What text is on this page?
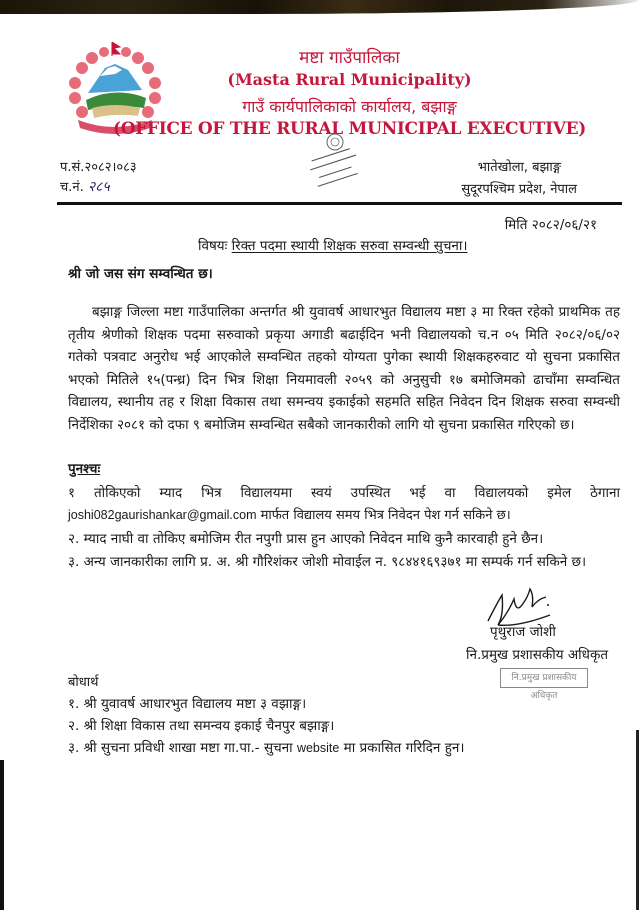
मष्टा गाउँपालिका
(Masta Rural Municipality)
गाउँ कार्यपालिकाको कार्यालय, बझाङ्ग
(OFFICE OF THE RURAL MUNICIPAL EXECUTIVE)
प.सं.२०८२।०८३
च.नं. २८५
भातेखोला, बझाङ्ग
सुदूरपश्चिम प्रदेश, नेपाल
मिति २०८२/०६/२१
विषयः रिक्त पदमा स्थायी शिक्षक सरुवा सम्वन्धी सुचना।
श्री जो जस संग सम्वन्धित छ।
बझाङ्ग जिल्ला मष्टा गाउँपालिका अन्तर्गत श्री युवावर्ष आधारभुत विद्यालय मष्टा ३ मा रिक्त रहेको प्राथमिक तह तृतीय श्रेणीको शिक्षक पदमा सरुवाको प्रकृया अगाडी बढाईदिन भनी विद्यालयको च.न ०५ मिति २०८२/०६/०२ गतेको पत्रवाट अनुरोध भई आएकोले सम्वन्धित तहको योग्यता पुगेका स्थायी शिक्षकहरुवाट यो सुचना प्रकासित भएको मितिले १५(पन्ध्र) दिन भित्र शिक्षा नियमावली २०५९ को अनुसुची १७ बमोजिमको ढाचाँमा सम्वन्धित विद्यालय, स्थानीय तह र शिक्षा विकास तथा समन्वय इकाईको सहमति सहित निवेदन दिन शिक्षक सरुवा सम्वन्धी निर्देशिका २०८१ को दफा ९ बमोजिम सम्वन्धित सबैको जानकारीको लागि यो सुचना प्रकासित गरिएको छ।
पुनश्चः
१ तोकिएको म्याद भित्र विद्यालयमा स्वयं उपस्थित भई वा विद्यालयको इमेल ठेगाना
joshi082gaurishankar@gmail.com मार्फत विद्यालय समय भित्र निवेदन पेश गर्न सकिने छ।
२. म्याद नाघी वा तोकिए बमोजिम रीत नपुगी प्रास हुन आएको निवेदन माथि कुनै कारवाही हुने छैन।
३. अन्य जानकारीका लागि प्र. अ. श्री गौरिशंकर जोशी मोवाईल न. ९८४४१६९३७१ मा सम्पर्क गर्न सकिने छ।
पृथुराज जोशी
नि.प्रमुख प्रशासकीय अधिकृत
नि.प्रमुख प्रशासकीय अधिकृत
बोधार्थ
१. श्री युवावर्ष आधारभुत विद्यालय मष्टा ३ वझाङ्ग।
२. श्री शिक्षा विकास तथा समन्वय इकाई चैनपुर बझाङ्ग।
३. श्री सुचना प्रविधी शाखा मष्टा गा.पा.- सुचना website मा प्रकासित गरिदिन हुन।
